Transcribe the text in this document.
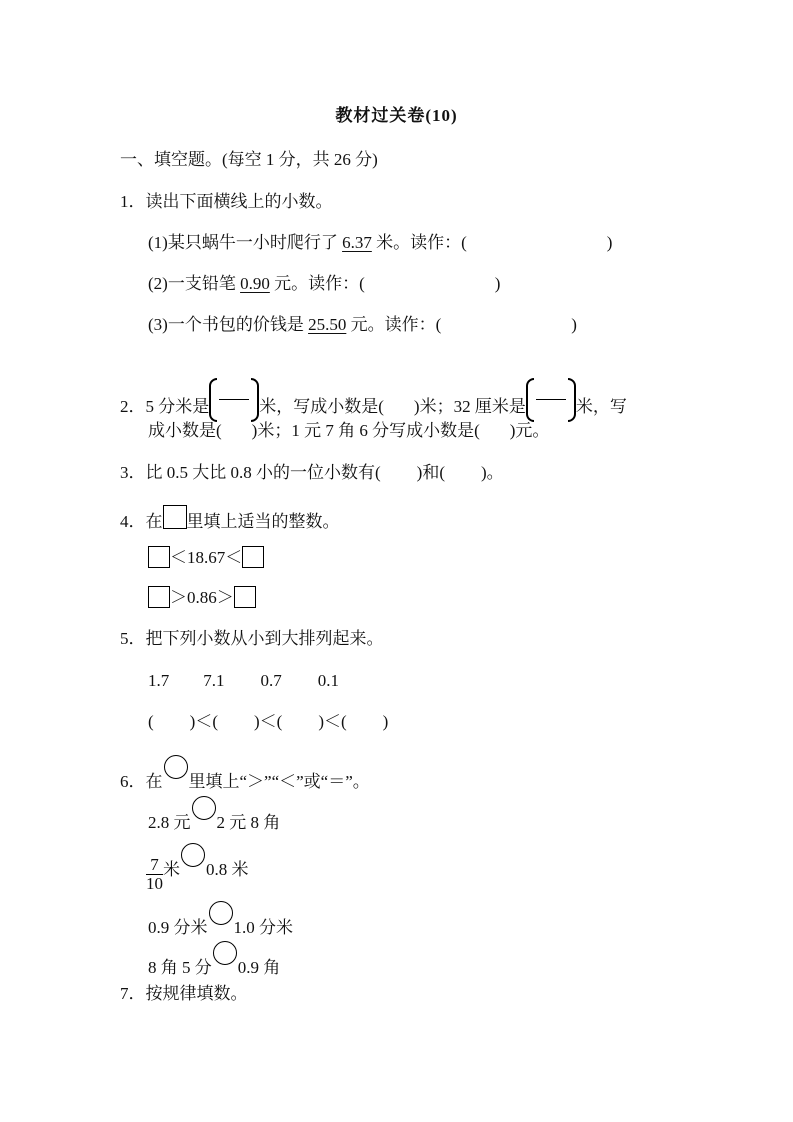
教材过关卷(10)
一、填空题。(每空 1 分，共 26 分)
1．读出下面横线上的小数。
(1)某只蜗牛一小时爬行了 6.37 米。读作：(	)
(2)一支铅笔 0.90 元。读作：(	)
(3)一个书包的价钱是 25.50 元。读作：(	)
2．5 分米是	米，写成小数是( )米；32 厘米是	米，写
成小数是( )米；1 元 7 角 6 分写成小数是( )元。
3．比 0.5 大比 0.8 小的一位小数有( )和( )。
4．在 里填上适当的整数。
＜18.67＜
＞0.86＞
5．把下列小数从小到大排列起来。
1.7 7.1 0.7 0.1
( )＜( )＜( )＜( )
6．在 里填上“＞”“＜”或“＝”。
2.8 元 2 元 8 角
$\frac{7}{10}$ 米 0.8 米
0.9 分米 1.0 分米
8 角 5 分 0.9 角
7．按规律填数。
